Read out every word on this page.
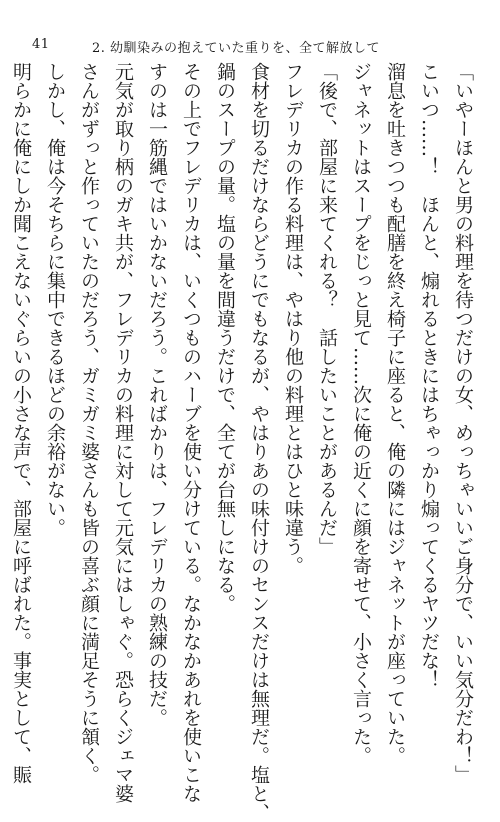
41	2. 幼馴染みの抱えていた重りを、全て解放して
「いやーほんと男の料理を待つだけの女、めっちゃいいご身分で、いい気分だわ！」
こいつ……！　ほんと、煽れるときにはちゃっかり煽ってくるヤツだな！
溜息を吐きつつも配膳を終え椅子に座ると、俺の隣にはジャネットが座っていた。
ジャネットはスープをじっと見て……次に俺の近くに顔を寄せて、小さく言った。
「後で、部屋に来てくれる？　話したいことがあるんだ」
フレデリカの作る料理は、やはり他の料理とはひと味違う。
食材を切るだけならどうにでもなるが、やはりあの味付けのセンスだけは無理だ。塩と、
鍋のスープの量。塩の量を間違うだけで、全てが台無しになる。
その上でフレデリカは、いくつものハーブを使い分けている。なかなかあれを使いこな
すのは一筋縄ではいかないだろう。こればかりは、フレデリカの熟練の技だ。
元気が取り柄のガキ共が、フレデリカの料理に対して元気にはしゃぐ。恐らくジェマ婆
さんがずっと作っていたのだろう、ガミガミ婆さんも皆の喜ぶ顔に満足そうに頷く。
しかし、俺は今そちらに集中できるほどの余裕がない。
明らかに俺にしか聞こえないぐらいの小さな声で、部屋に呼ばれた。事実として、賑
